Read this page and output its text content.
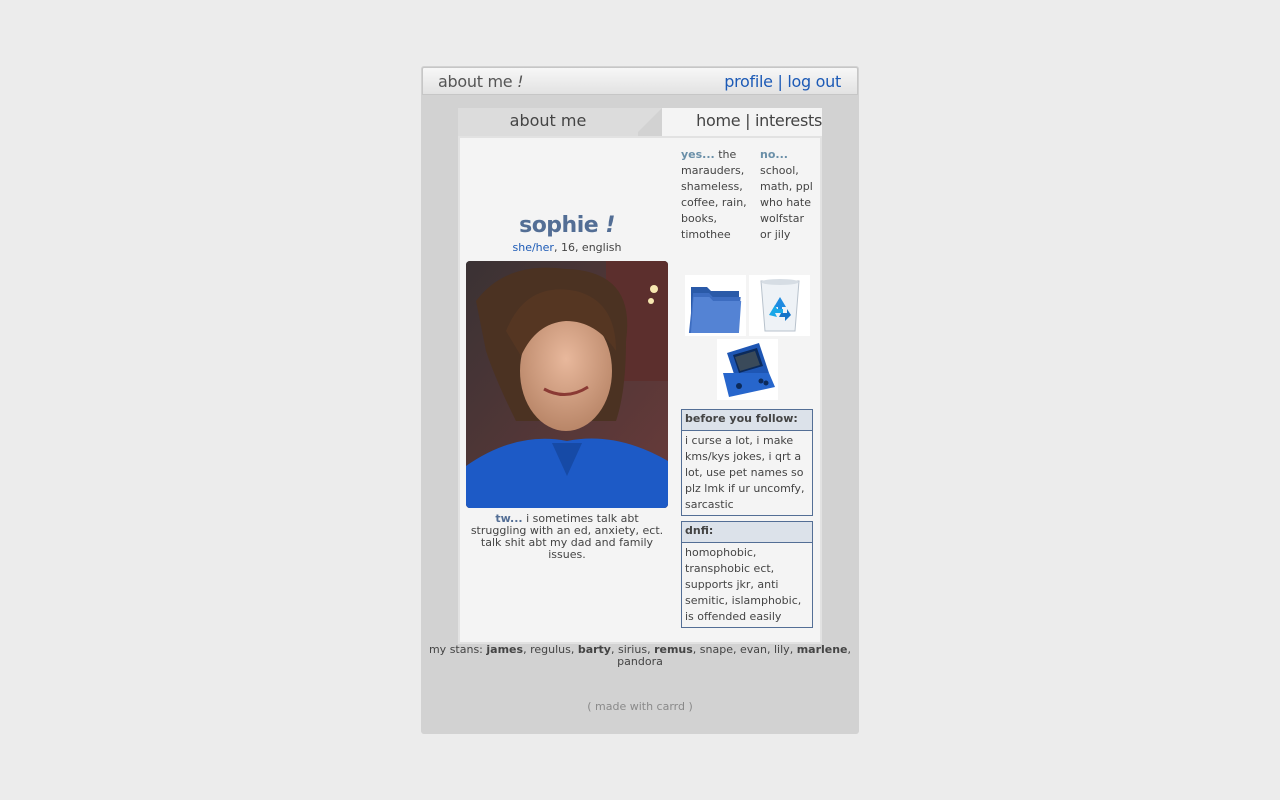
about me !	profile | log out
about me	home | interests
sophie !
she/her, 16, english
tw... i sometimes talk abt struggling with an ed, anxiety, ect. talk shit abt my dad and family issues.
yes... the marauders, shameless, coffee, rain, books, timothee
no... school, math, ppl who hate wolfstar or jily
before you follow:
i curse a lot, i make kms/kys jokes, i qrt a lot, use pet names so plz lmk if ur uncomfy, sarcastic
dnfi:
homophobic, transphobic ect, supports jkr, anti semitic, islamphobic, is offended easily
my stans: james, regulus, barty, sirius, remus, snape, evan, lily, marlene, pandora
( made with carrd )
